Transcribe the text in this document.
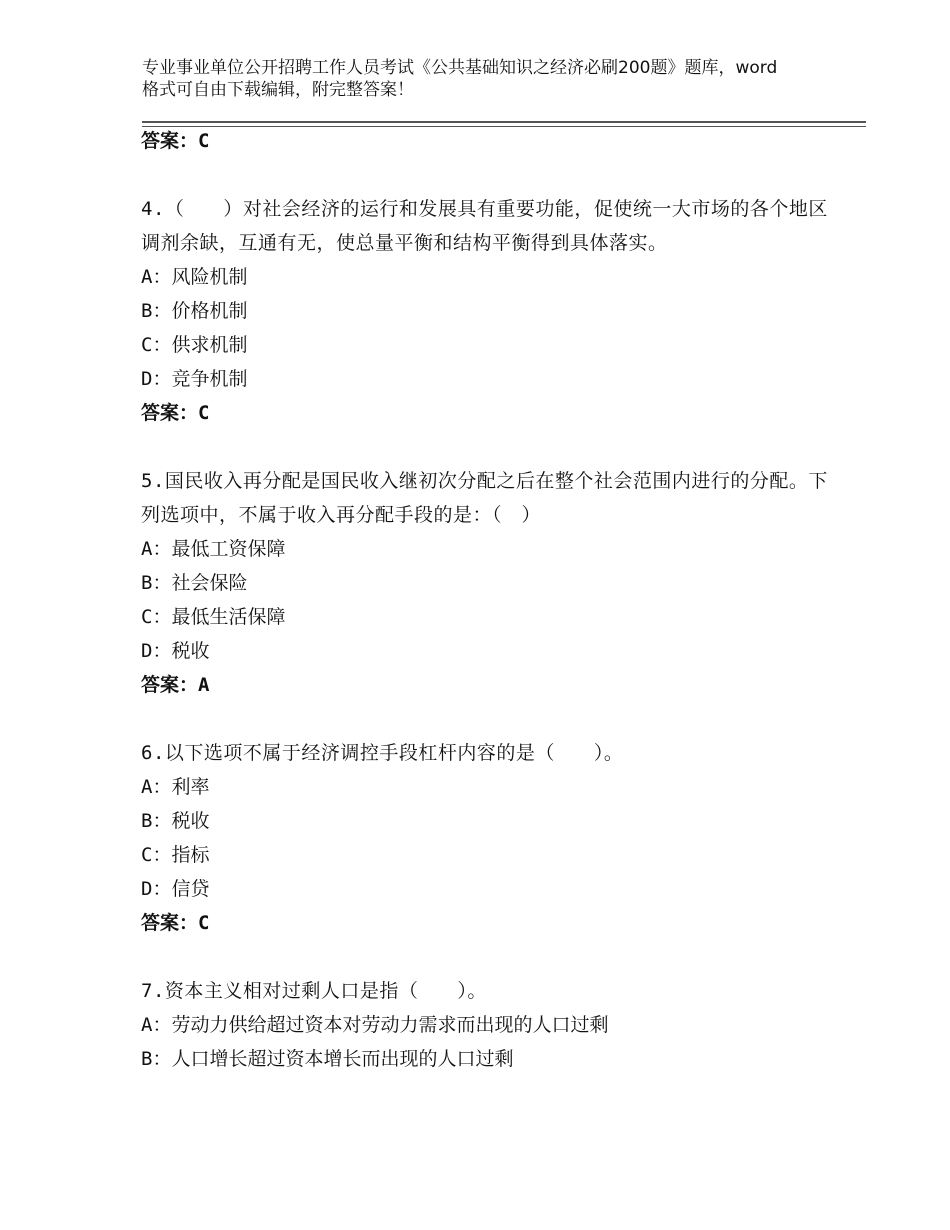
专业事业单位公开招聘工作人员考试《公共基础知识之经济必刷200题》题库，word格式可自由下载编辑，附完整答案！
答案：C
4.（　　）对社会经济的运行和发展具有重要功能，促使统一大市场的各个地区调剂余缺，互通有无，使总量平衡和结构平衡得到具体落实。
A：风险机制
B：价格机制
C：供求机制
D：竞争机制
答案：C
5.国民收入再分配是国民收入继初次分配之后在整个社会范围内进行的分配。下列选项中，不属于收入再分配手段的是：（　）
A：最低工资保障
B：社会保险
C：最低生活保障
D：税收
答案：A
6.以下选项不属于经济调控手段杠杆内容的是（　　）。
A：利率
B：税收
C：指标
D：信贷
答案：C
7.资本主义相对过剩人口是指（　　）。
A：劳动力供给超过资本对劳动力需求而出现的人口过剩
B：人口增长超过资本增长而出现的人口过剩
